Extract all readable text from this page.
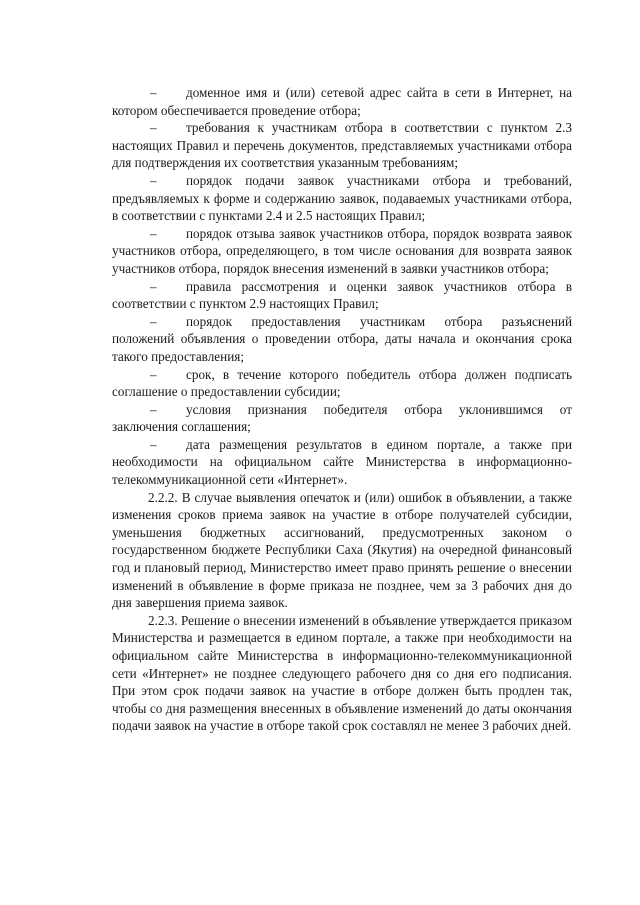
– доменное имя и (или) сетевой адрес сайта в сети в Интернет, на котором обеспечивается проведение отбора;

– требования к участникам отбора в соответствии с пунктом 2.3 настоящих Правил и перечень документов, представляемых участниками отбора для подтверждения их соответствия указанным требованиям;

– порядок подачи заявок участниками отбора и требований, предъявляемых к форме и содержанию заявок, подаваемых участниками отбора, в соответствии с пунктами 2.4 и 2.5 настоящих Правил;

– порядок отзыва заявок участников отбора, порядок возврата заявок участников отбора, определяющего, в том числе основания для возврата заявок участников отбора, порядок внесения изменений в заявки участников отбора;

– правила рассмотрения и оценки заявок участников отбора в соответствии с пунктом 2.9 настоящих Правил;

– порядок предоставления участникам отбора разъяснений положений объявления о проведении отбора, даты начала и окончания срока такого предоставления;

– срок, в течение которого победитель отбора должен подписать соглашение о предоставлении субсидии;

– условия признания победителя отбора уклонившимся от заключения соглашения;

– дата размещения результатов в едином портале, а также при необходимости на официальном сайте Министерства в информационно-телекоммуникационной сети «Интернет».

2.2.2. В случае выявления опечаток и (или) ошибок в объявлении, а также изменения сроков приема заявок на участие в отборе получателей субсидии, уменьшения бюджетных ассигнований, предусмотренных законом о государственном бюджете Республики Саха (Якутия) на очередной финансовый год и плановый период, Министерство имеет право принять решение о внесении изменений в объявление в форме приказа не позднее, чем за 3 рабочих дня до дня завершения приема заявок.

2.2.3. Решение о внесении изменений в объявление утверждается приказом Министерства и размещается в едином портале, а также при необходимости на официальном сайте Министерства в информационно-телекоммуникационной сети «Интернет» не позднее следующего рабочего дня со дня его подписания. При этом срок подачи заявок на участие в отборе должен быть продлен так, чтобы со дня размещения внесенных в объявление изменений до даты окончания подачи заявок на участие в отборе такой срок составлял не менее 3 рабочих дней.
